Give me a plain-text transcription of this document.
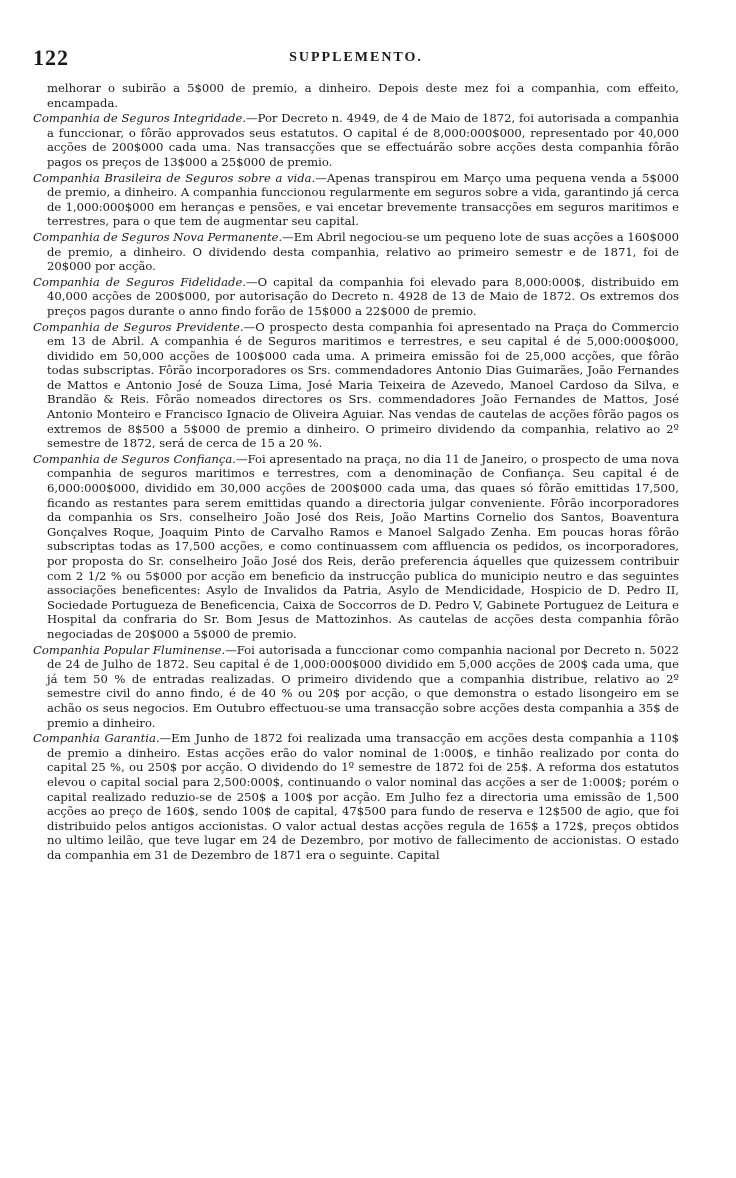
122	SUPPLEMENTO.

melhorar o subirão a 5$000 de premio, a dinheiro. Depois deste mez foi a companhia, com effeito, encampada.

Companhia de Seguros Integridade.—Por Decreto n. 4949, de 4 de Maio de 1872, foi autorisada a companhia a funccionar, o fôrão approvados seus estatutos. O capital é de 8,000:000$000, representado por 40,000 acções de 200$000 cada uma. Nas transacções que se effectuárão sobre acções desta companhia fôrão pagos os preços de 13$000 a 25$000 de premio.

Companhia Brasileira de Seguros sobre a vida.—Apenas transpirou em Março uma pequena venda a 5$000 de premio, a dinheiro. A companhia funccionou regularmente em seguros sobre a vida, garantindo já cerca de 1,000:000$000 em heranças e pensões, e vai encetar brevemente transacções em seguros maritimos e terrestres, para o que tem de augmentar seu capital.

Companhia de Seguros Nova Permanente.—Em Abril negociou-se um pequeno lote de suas acções a 160$000 de premio, a dinheiro. O dividendo desta companhia, relativo ao primeiro semestr e de 1871, foi de 20$000 por acção.

Companhia de Seguros Fidelidade.—O capital da companhia foi elevado para 8,000:000$, distribuido em 40,000 acções de 200$000, por autorisação do Decreto n. 4928 de 13 de Maio de 1872. Os extremos dos preços pagos durante o anno findo forão de 15$000 a 22$000 de premio.

Companhia de Seguros Previdente.—O prospecto desta companhia foi apresentado na Praça do Commercio em 13 de Abril. A companhia é de Seguros maritimos e terrestres, e seu capital é de 5,000:000$000, dividido em 50,000 acções de 100$000 cada uma. A primeira emissão foi de 25,000 acções, que fôrão todas subscriptas. Fôrão incorporadores os Srs. commendadores Antonio Dias Guimarães, João Fernandes de Mattos e Antonio José de Souza Lima, José Maria Teixeira de Azevedo, Manoel Cardoso da Silva, e Brandão & Reis. Fôrão nomeados directores os Srs. commendadores João Fernandes de Mattos, José Antonio Monteiro e Francisco Ignacio de Oliveira Aguiar. Nas vendas de cautelas de acções fôrão pagos os extremos de 8$500 a 5$000 de premio a dinheiro. O primeiro dividendo da companhia, relativo ao 2º semestre de 1872, será de cerca de 15 a 20 %.

Companhia de Seguros Confiança.—Foi apresentado na praça, no dia 11 de Janeiro, o prospecto de uma nova companhia de seguros maritimos e terrestres, com a denominação de Confiança. Seu capital é de 6,000:000$000, dividido em 30,000 acções de 200$000 cada uma, das quaes só fôrão emittidas 17,500, ficando as restantes para serem emittidas quando a directoria julgar conveniente. Fôrão incorporadores da companhia os Srs. conselheiro João José dos Reis, João Martins Cornelio dos Santos, Boaventura Gonçalves Roque, Joaquim Pinto de Carvalho Ramos e Manoel Salgado Zenha. Em poucas horas fôrão subscriptas todas as 17,500 acções, e como continuassem com affluencia os pedidos, os incorporadores, por proposta do Sr. conselheiro João José dos Reis, derão preferencia áquelles que quizessem contribuir com 2 1/2 % ou 5$000 por acção em beneficio da instrucção publica do municipio neutro e das seguintes associações beneficentes: Asylo de Invalidos da Patria, Asylo de Mendicidade, Hospicio de D. Pedro II, Sociedade Portugueza de Beneficencia, Caixa de Soccorros de D. Pedro V, Gabinete Portuguez de Leitura e Hospital da confraria do Sr. Bom Jesus de Mattozinhos. As cautelas de acções desta companhia fôrão negociadas de 20$000 a 5$000 de premio.

Companhia Popular Fluminense.—Foi autorisada a funccionar como companhia nacional por Decreto n. 5022 de 24 de Julho de 1872. Seu capital é de 1,000:000$000 dividido em 5,000 acções de 200$ cada uma, que já tem 50 % de entradas realizadas. O primeiro dividendo que a companhia distribue, relativo ao 2º semestre civil do anno findo, é de 40 % ou 20$ por acção, o que demonstra o estado lisongeiro em se achão os seus negocios. Em Outubro effectuou-se uma transacção sobre acções desta companhia a 35$ de premio a dinheiro.

Companhia Garantia.—Em Junho de 1872 foi realizada uma transacção em acções desta companhia a 110$ de premio a dinheiro. Estas acções erão do valor nominal de 1:000$, e tinhão realizado por conta do capital 25 %, ou 250$ por acção. O dividendo do 1º semestre de 1872 foi de 25$. A reforma dos estatutos elevou o capital social para 2,500:000$, continuando o valor nominal das acções a ser de 1:000$; porém o capital realizado reduzio-se de 250$ a 100$ por acção. Em Julho fez a directoria uma emissão de 1,500 acções ao preço de 160$, sendo 100$ de capital, 47$500 para fundo de reserva e 12$500 de agio, que foi distribuido pelos antigos accionistas. O valor actual destas acções regula de 165$ a 172$, preços obtidos no ultimo leilão, que teve lugar em 24 de Dezembro, por motivo de fallecimento de accionistas. O estado da companhia em 31 de Dezembro de 1871 era o seguinte. Capital
